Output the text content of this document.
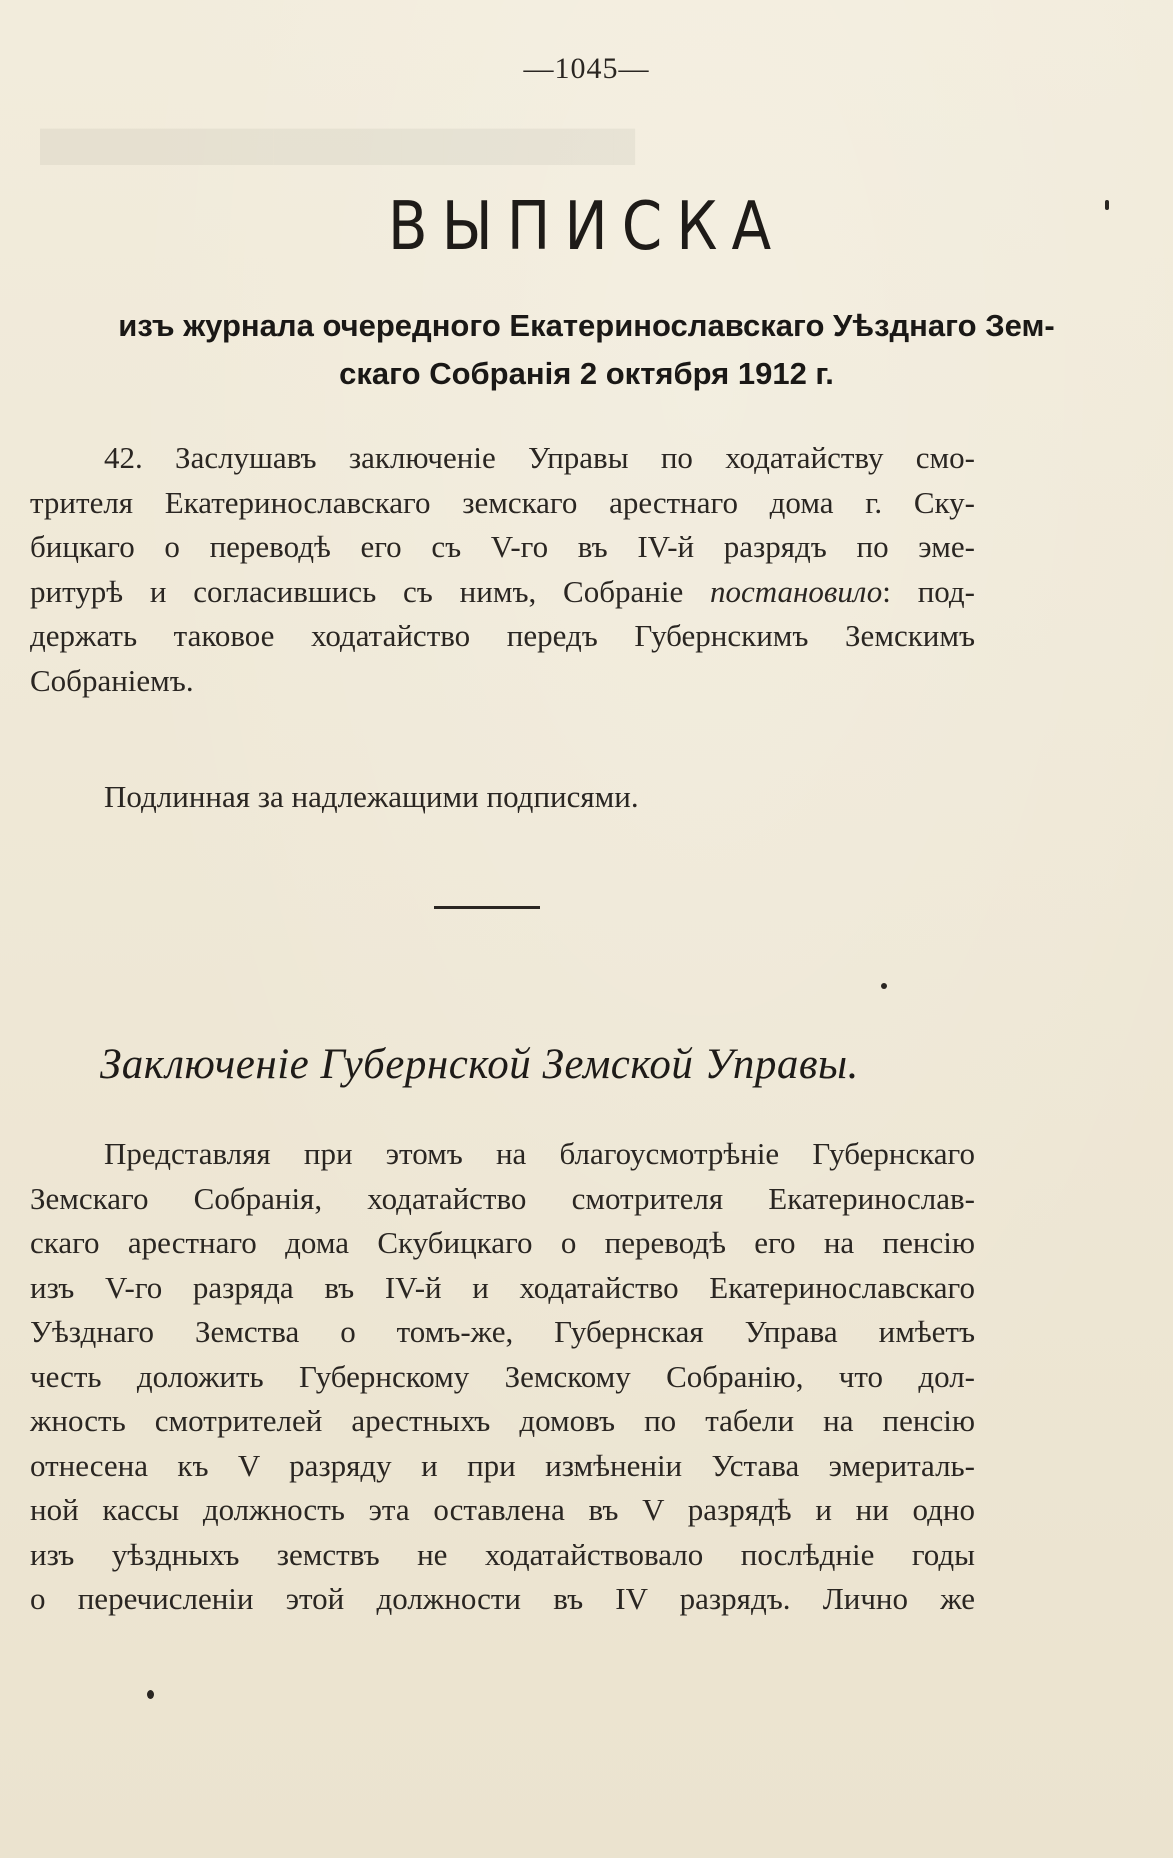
████████████████████████████
—1045—
ВЫПИСКА
изъ журнала очередного Екатеринославскаго Уѣзднаго Зем-
скаго Собранія 2 октября 1912 г.
42. Заслушавъ заключеніе Управы по ходатайству смо-
трителя Екатеринославскаго земскаго арестнаго дома г. Ску-
бицкаго о переводѣ его съ V-го въ IV-й разрядъ по эме-
ритурѣ и согласившись съ нимъ, Собраніе постановило: под-
держать таковое ходатайство передъ Губернскимъ Земскимъ
Собраніемъ.
Подлинная за надлежащими подписями.
Заключеніе Губернской Земской Управы.
Представляя при этомъ на благоусмотрѣніе Губернскаго
Земскаго Собранія, ходатайство смотрителя Екатеринослав-
скаго арестнаго дома Скубицкаго о переводѣ его на пенсію
изъ V-го разряда въ IV-й и ходатайство Екатеринославскаго
Уѣзднаго Земства о томъ-же, Губернская Управа имѣетъ
честь доложить Губернскому Земскому Собранію, что дол-
жность смотрителей арестныхъ домовъ по табели на пенсію
отнесена къ V разряду и при измѣненіи Устава эмериталь-
ной кассы должность эта оставлена въ V разрядѣ и ни одно
изъ уѣздныхъ земствъ не ходатайствовало послѣдніе годы
о перечисленіи этой должности въ IV разрядъ. Лично же
